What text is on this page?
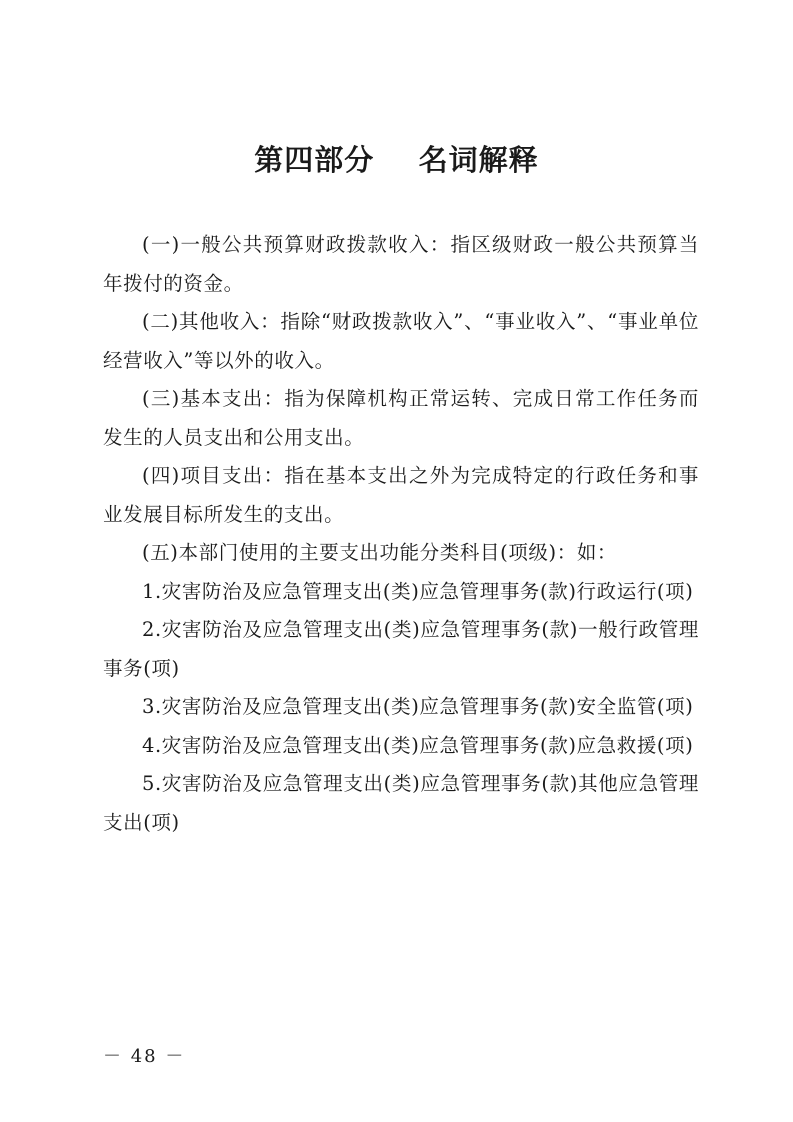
第四部分    名词解释

(一)一般公共预算财政拨款收入：指区级财政一般公共预算当年拨付的资金。

(二)其他收入：指除“财政拨款收入”、“事业收入”、“事业单位经营收入”等以外的收入。

(三)基本支出：指为保障机构正常运转、完成日常工作任务而发生的人员支出和公用支出。

(四)项目支出：指在基本支出之外为完成特定的行政任务和事业发展目标所发生的支出。

(五)本部门使用的主要支出功能分类科目(项级)：如：

1.灾害防治及应急管理支出(类)应急管理事务(款)行政运行(项)

2.灾害防治及应急管理支出(类)应急管理事务(款)一般行政管理事务(项)

3.灾害防治及应急管理支出(类)应急管理事务(款)安全监管(项)

4.灾害防治及应急管理支出(类)应急管理事务(款)应急救援(项)

5.灾害防治及应急管理支出(类)应急管理事务(款)其他应急管理支出(项)

－ 48 －
